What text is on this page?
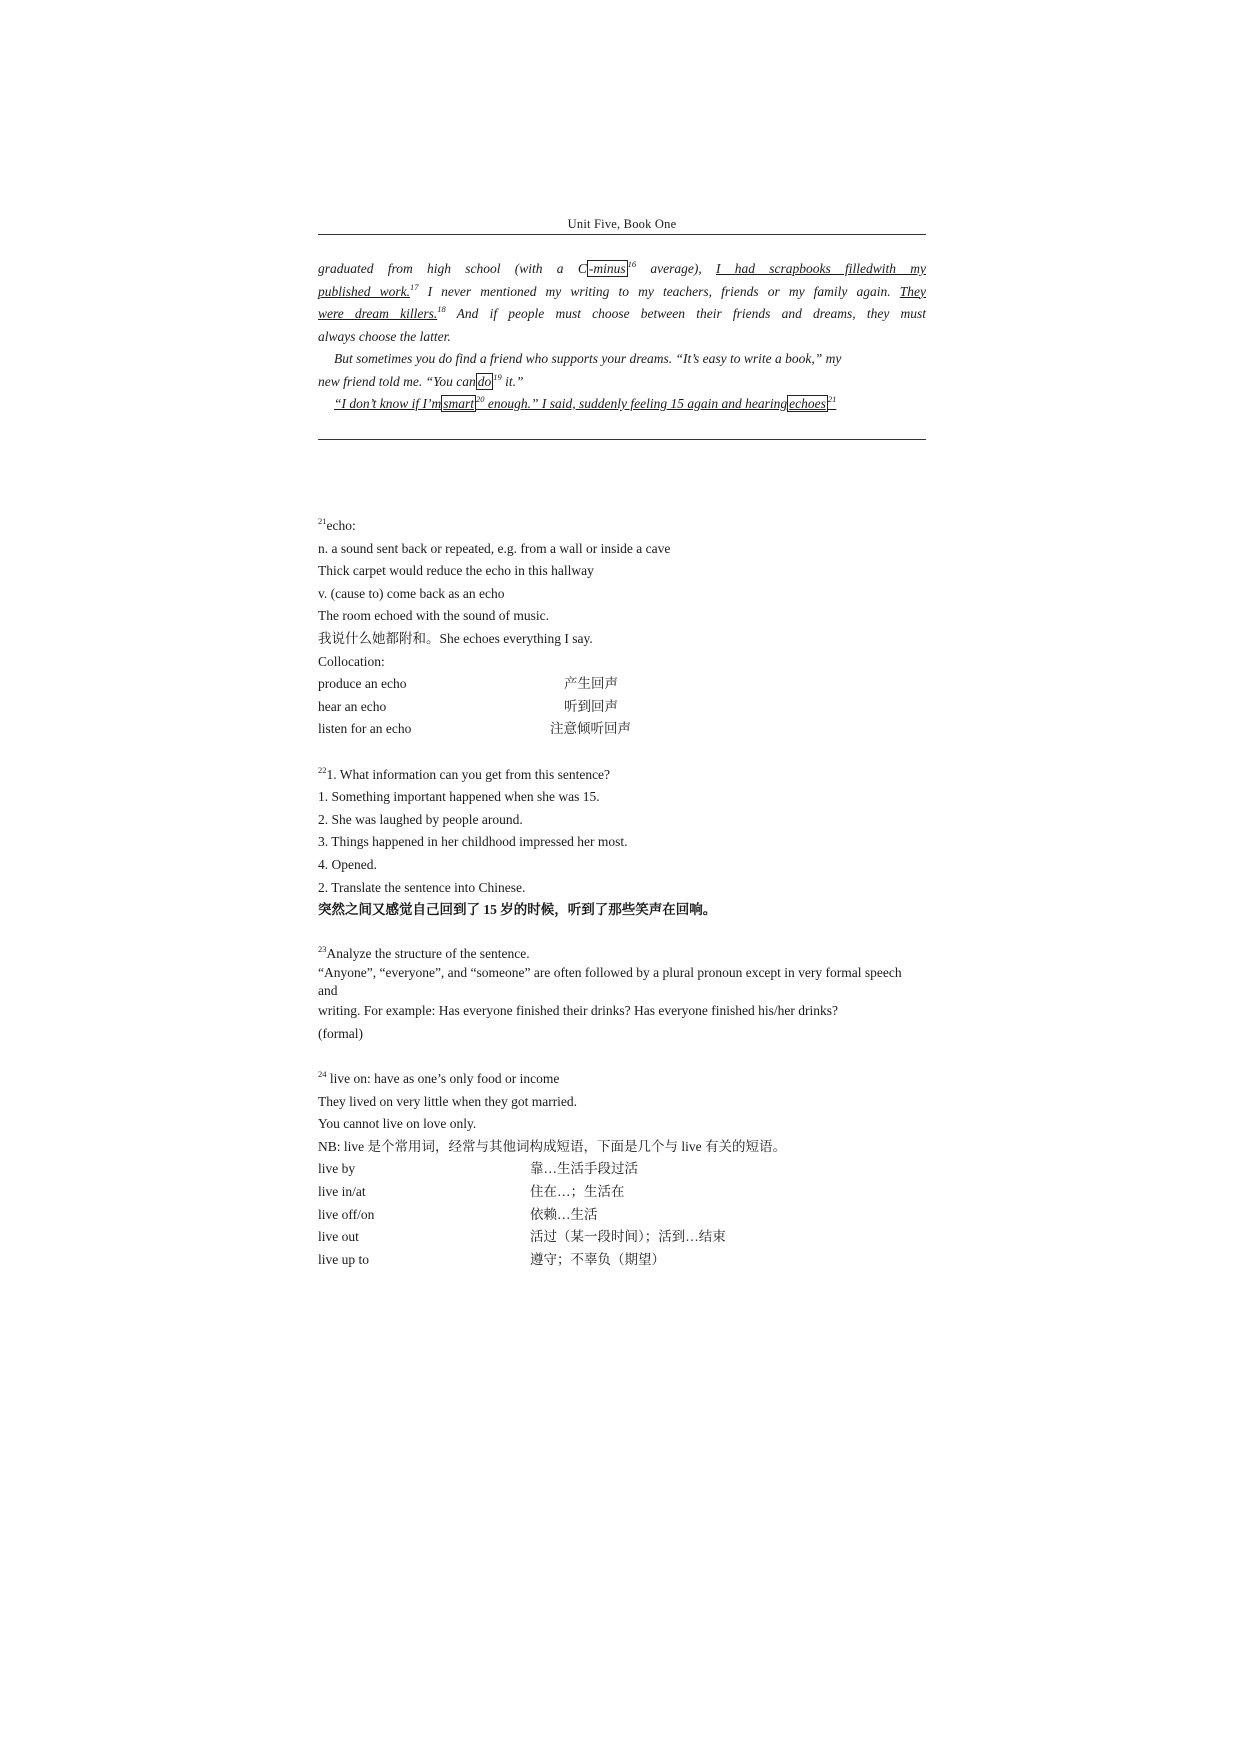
Unit Five, Book One
graduated from high school (with a C -minus $^{16}$ average), I had scrapbooks filledwith my
published work.$^{17}$ I never mentioned my writing to my teachers, friends or my family again. They
were dream killers.$^{18}$ And if people must choose between their friends and dreams, they must
always choose the latter.
But sometimes you do find a friend who supports your dreams. “It’s easy to write a book,” my
new friend told me. “You can do $^{19}$ it.”
“I don’t know if I’m smart $^{20}$ enough.” I said, suddenly feeling 15 again and hearing echoes $^{21}$
$^{21}$echo:
n. a sound sent back or repeated, e.g. from a wall or inside a cave
Thick carpet would reduce the echo in this hallway
v. (cause to) come back as an echo
The room echoed with the sound of music.
我说什么她都附和。She echoes everything I say.
Collocation:
produce an echo	产生回声
hear an echo	听到回声
listen for an echo	注意倾听回声
$^{22}$1. What information can you get from this sentence?
1. Something important happened when she was 15.
2. She was laughed by people around.
3. Things happened in her childhood impressed her most.
4. Opened.
2. Translate the sentence into Chinese.
突然之间又感觉自己回到了 15 岁的时候，听到了那些笑声在回响。
$^{23}$Analyze the structure of the sentence.
“Anyone”, “everyone”, and “someone” are often followed by a plural pronoun except in very formal speech and
writing. For example: Has everyone finished their drinks? Has everyone finished his/her drinks?
(formal)
$^{24}$ live on: have as one’s only food or income
They lived on very little when they got married.
You cannot live on love only.
NB: live 是个常用词，经常与其他词构成短语，下面是几个与 live 有关的短语。
live by	靠…生活手段过活
live in/at	住在…；生活在
live off/on	依赖…生活
live out	活过（某一段时间）；活到…结束
live up to	遵守；不辜负（期望）
